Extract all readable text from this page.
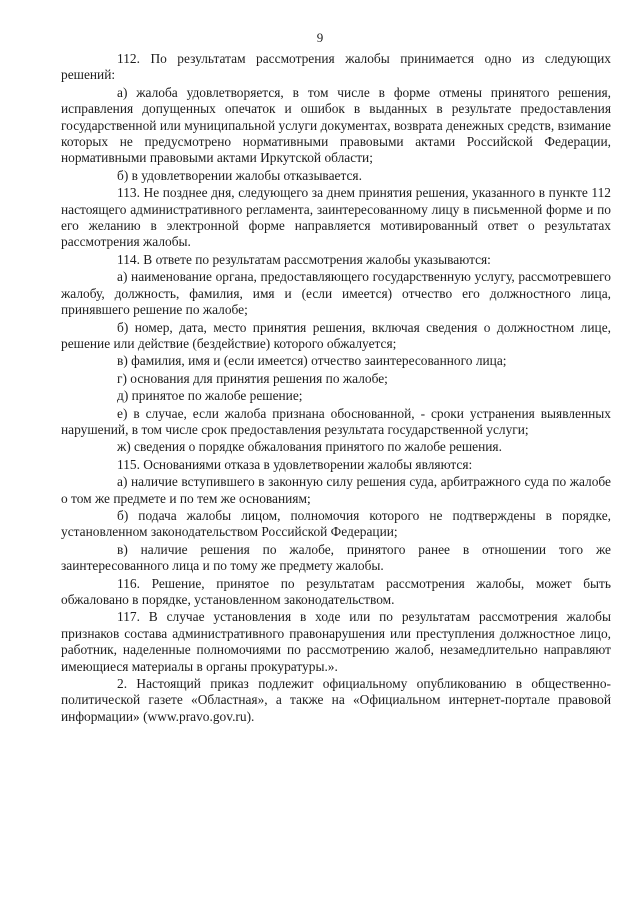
9

112. По результатам рассмотрения жалобы принимается одно из следующих решений:

а) жалоба удовлетворяется, в том числе в форме отмены принятого решения, исправления допущенных опечаток и ошибок в выданных в результате предоставления государственной или муниципальной услуги документах, возврата денежных средств, взимание которых не предусмотрено нормативными правовыми актами Российской Федерации, нормативными правовыми актами Иркутской области;

б) в удовлетворении жалобы отказывается.

113. Не позднее дня, следующего за днем принятия решения, указанного в пункте 112 настоящего административного регламента, заинтересованному лицу в письменной форме и по его желанию в электронной форме направляется мотивированный ответ о результатах рассмотрения жалобы.

114. В ответе по результатам рассмотрения жалобы указываются:

а) наименование органа, предоставляющего государственную услугу, рассмотревшего жалобу, должность, фамилия, имя и (если имеется) отчество его должностного лица, принявшего решение по жалобе;

б) номер, дата, место принятия решения, включая сведения о должностном лице, решение или действие (бездействие) которого обжалуется;

в) фамилия, имя и (если имеется) отчество заинтересованного лица;

г) основания для принятия решения по жалобе;

д) принятое по жалобе решение;

е) в случае, если жалоба признана обоснованной, - сроки устранения выявленных нарушений, в том числе срок предоставления результата государственной услуги;

ж) сведения о порядке обжалования принятого по жалобе решения.

115. Основаниями отказа в удовлетворении жалобы являются:

а) наличие вступившего в законную силу решения суда, арбитражного суда по жалобе о том же предмете и по тем же основаниям;

б) подача жалобы лицом, полномочия которого не подтверждены в порядке, установленном законодательством Российской Федерации;

в) наличие решения по жалобе, принятого ранее в отношении того же заинтересованного лица и по тому же предмету жалобы.

116. Решение, принятое по результатам рассмотрения жалобы, может быть обжаловано в порядке, установленном законодательством.

117. В случае установления в ходе или по результатам рассмотрения жалобы признаков состава административного правонарушения или преступления должностное лицо, работник, наделенные полномочиями по рассмотрению жалоб, незамедлительно направляют имеющиеся материалы в органы прокуратуры.».

2. Настоящий приказ подлежит официальному опубликованию в общественно-политической газете «Областная», а также на «Официальном интернет-портале правовой информации» (www.pravo.gov.ru).
